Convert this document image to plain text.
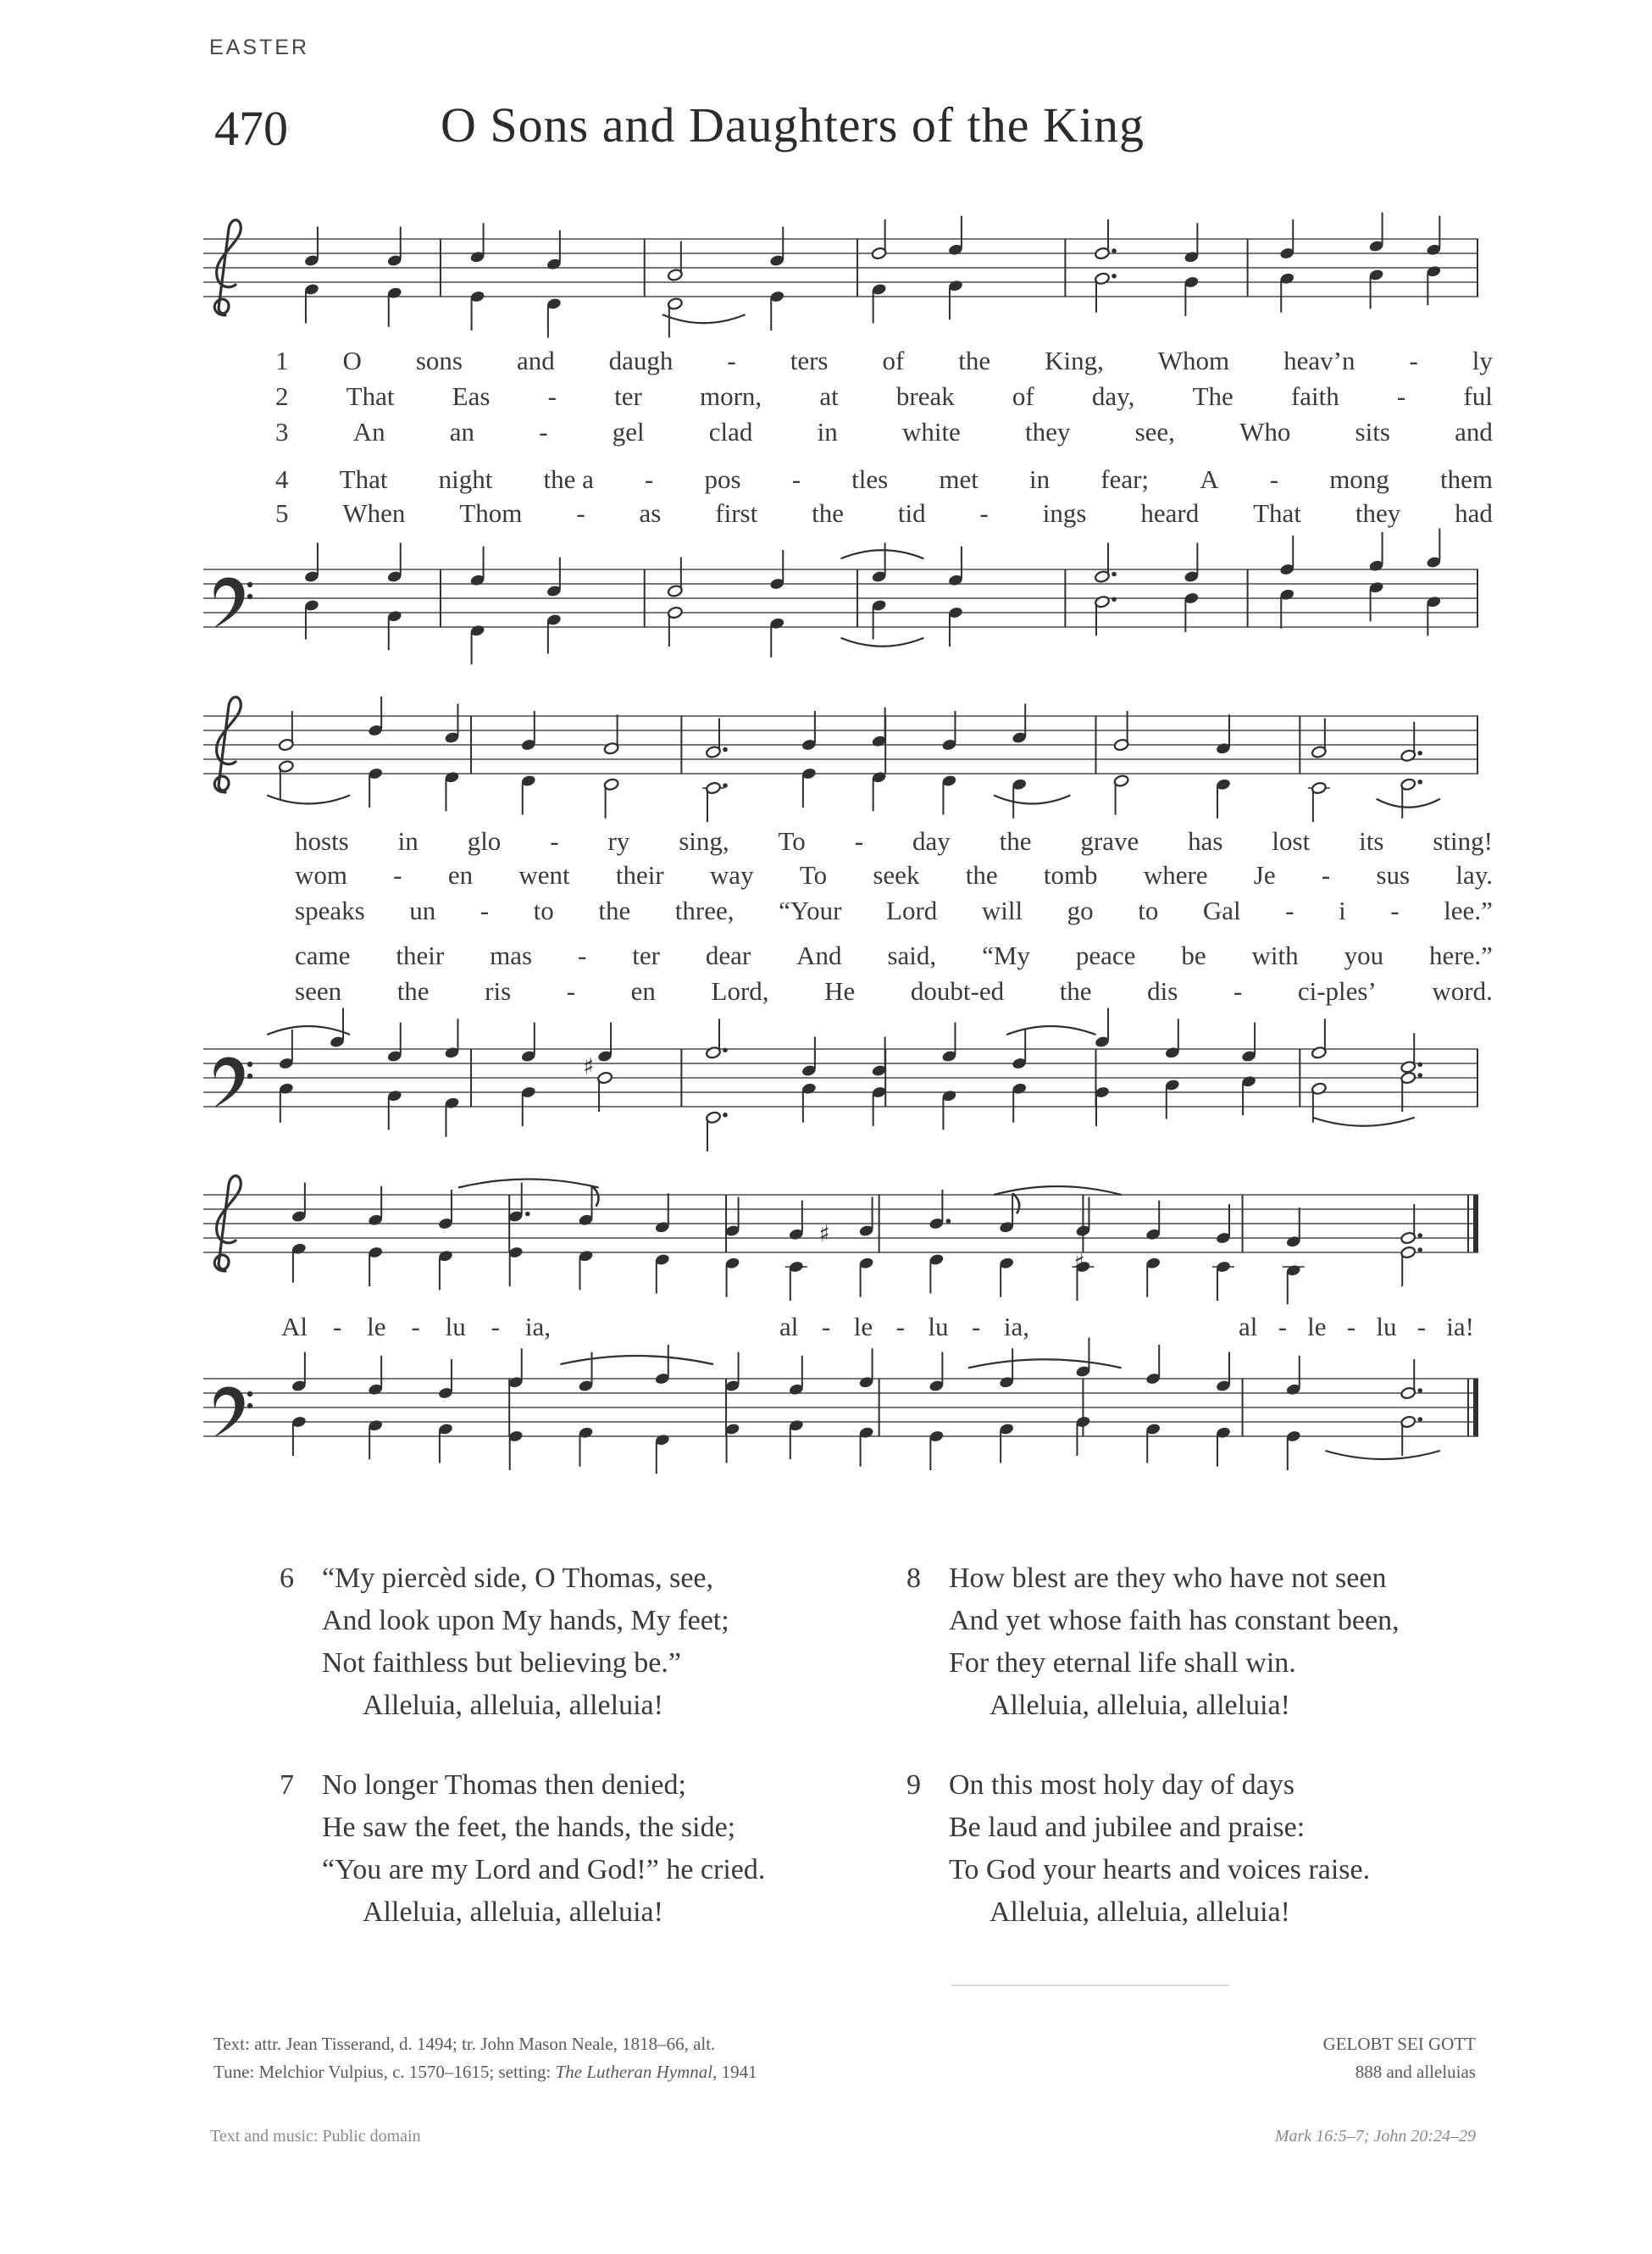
EASTER
470	O Sons and Daughters of the King
♯
♯
♯
1 O sons and daugh - ters of the King, Whom heav’n - ly
2 That Eas - ter morn, at break of day, The faith - ful
3 An an - gel clad in white they see, Who sits and
4 That night the a - pos - tles met in fear; A - mong them
5 When Thom - as first the tid - ings heard That they had
hosts in glo - ry sing, To - day the grave has lost its sting!
wom - en went their way To seek the tomb where Je - sus lay.
speaks un - to the three, “Your Lord will go to Gal - i - lee.”
came their mas - ter dear And said, “My peace be with you here.”
seen the ris - en Lord, He doubt-ed the dis - ci-ples’ word.
Al - le - lu - ia,	al - le - lu - ia,	al - le - lu - ia!
6 “My piercèd side, O Thomas, see,
And look upon My hands, My feet;
Not faithless but believing be.”
Alleluia, alleluia, alleluia!
7 No longer Thomas then denied;
He saw the feet, the hands, the side;
“You are my Lord and God!” he cried.
Alleluia, alleluia, alleluia!
8 How blest are they who have not seen
And yet whose faith has constant been,
For they eternal life shall win.
Alleluia, alleluia, alleluia!
9 On this most holy day of days
Be laud and jubilee and praise:
To God your hearts and voices raise.
Alleluia, alleluia, alleluia!
Text: attr. Jean Tisserand, d. 1494; tr. John Mason Neale, 1818–66, alt.
Tune: Melchior Vulpius, c. 1570–1615; setting: The Lutheran Hymnal, 1941
GELOBT SEI GOTT
888 and alleluias
Text and music: Public domain	Mark 16:5–7; John 20:24–29
